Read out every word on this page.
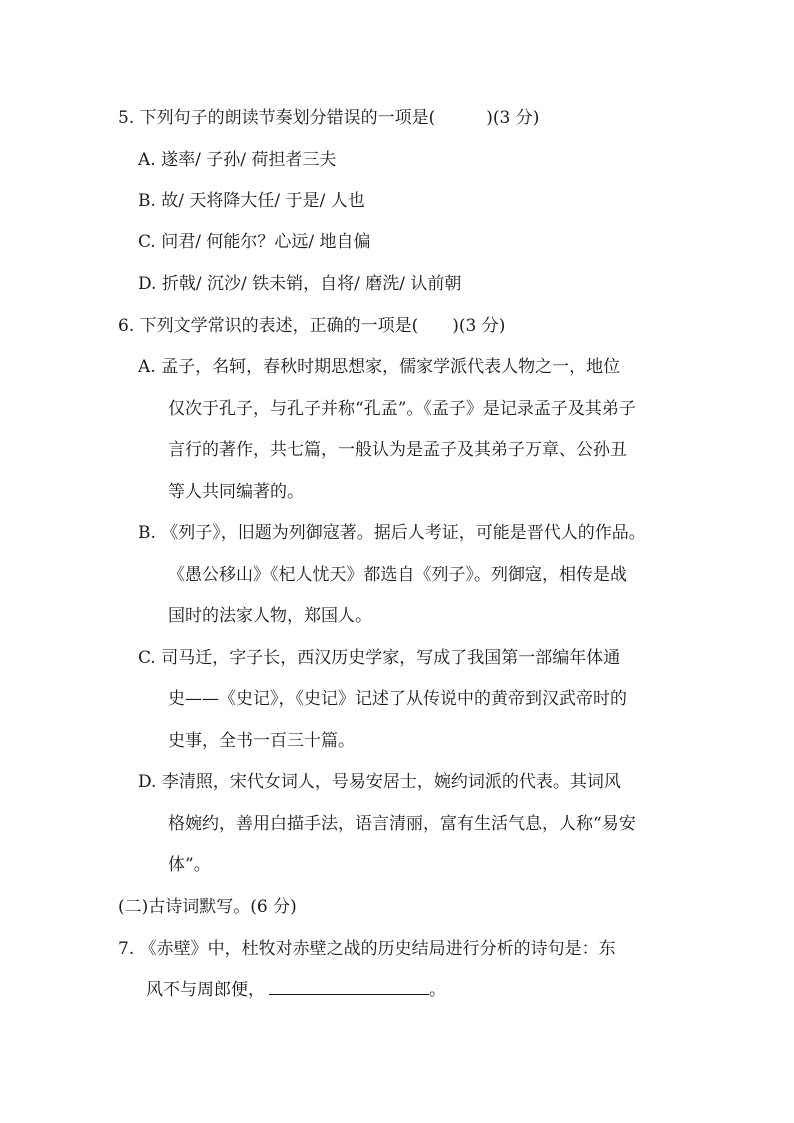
5. 下列句子的朗读节奏划分错误的一项是(　　　)(3 分)
A. 遂率/ 子孙/ 荷担者三夫
B. 故/ 天将降大任/ 于是/ 人也
C. 问君/ 何能尔？心远/ 地自偏
D. 折戟/ 沉沙/ 铁未销，自将/ 磨洗/ 认前朝
6. 下列文学常识的表述，正确的一项是(　　)(3 分)
A. 孟子，名轲，春秋时期思想家，儒家学派代表人物之一，地位
仅次于孔子，与孔子并称“孔孟”。《孟子》是记录孟子及其弟子
言行的著作，共七篇，一般认为是孟子及其弟子万章、公孙丑
等人共同编著的。
B. 《列子》，旧题为列御寇著。据后人考证，可能是晋代人的作品。
《愚公移山》《杞人忧天》都选自《列子》。列御寇，相传是战
国时的法家人物，郑国人。
C. 司马迁，字子长，西汉历史学家，写成了我国第一部编年体通
史——《史记》，《史记》记述了从传说中的黄帝到汉武帝时的
史事，全书一百三十篇。
D. 李清照，宋代女词人，号易安居士，婉约词派的代表。其词风
格婉约，善用白描手法，语言清丽，富有生活气息，人称“易安
体”。
(二)古诗词默写。(6 分)
7. 《赤壁》中，杜牧对赤壁之战的历史结局进行分析的诗句是：东
风不与周郎便，	。
